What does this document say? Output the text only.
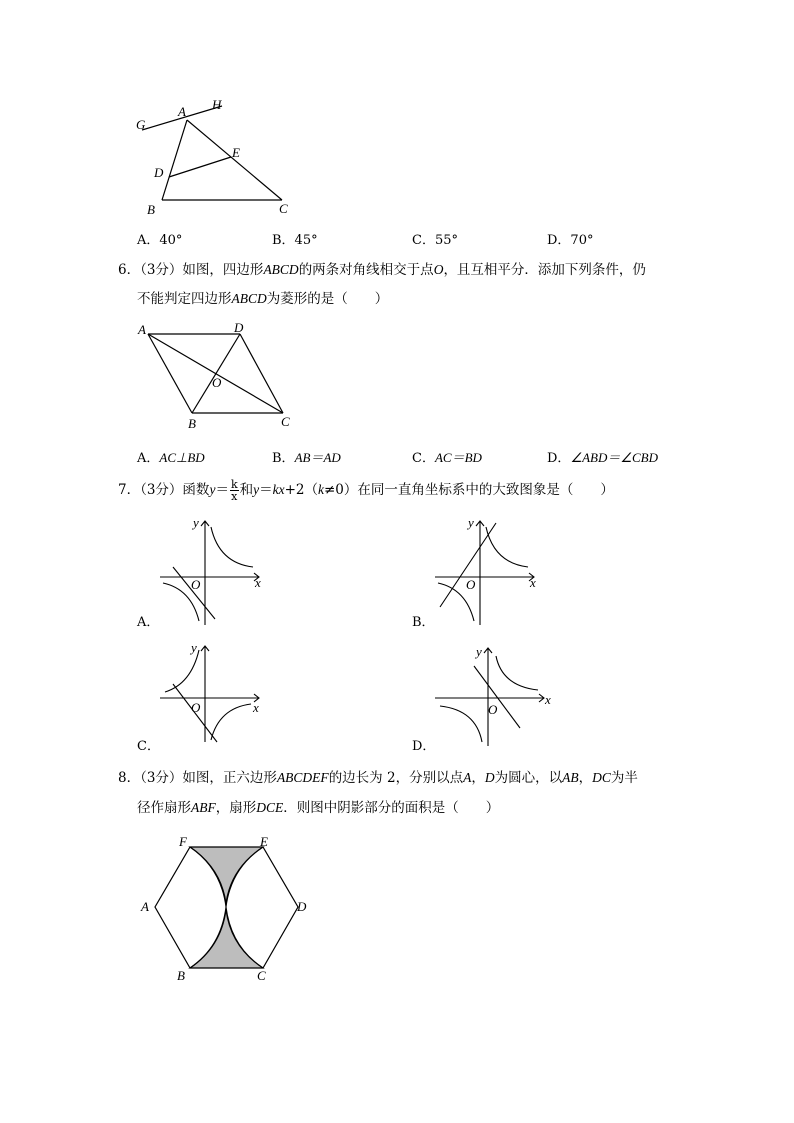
G
A H
E
D
B	C
A．40°	B．45°	C．55°	D．70°
6．（3分）如图，四边形ABCD的两条对角线相交于点O，且互相平分．添加下列条件，仍
不能判定四边形ABCD为菱形的是（　　）
A	D
O
B	C
A．AC⊥BD	B．AB＝AD	C．AC＝BD	D．∠ABD＝∠CBD
7．（3分）函数$y= \frac{k}{x}$ 和y＝kx+2（k≠0）在同一直角坐标系中的大致图象是（　　）
y
x
O
A．
y
x
O
B．
y
x
O
C．
y
x
O
D．
8．（3分）如图，正六边形ABCDEF的边长为 2，分别以点A，D为圆心，以AB，DC为半
径作扇形ABF，扇形DCE．则图中阴影部分的面积是（　　）
F	E
A	D
B	C
